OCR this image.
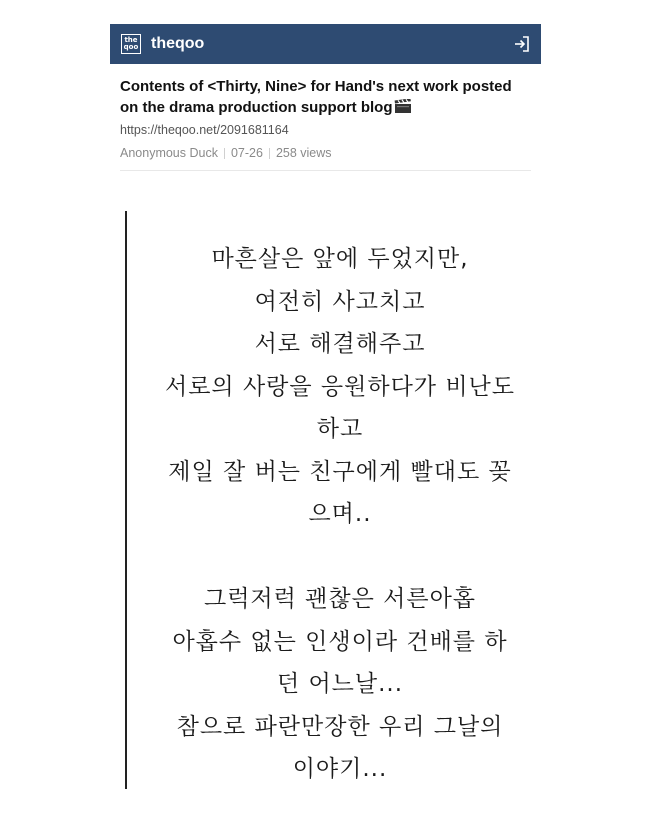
the
qoo theqoo
Contents of <Thirty, Nine> for Hand's next work posted on the drama production support blog
https://theqoo.net/2091681164
Anonymous Duck 07-26 258 views
마흔살은 앞에 두었지만,
여전히 사고치고
서로 해결해주고
서로의 사랑을 응원하다가 비난도
하고
제일 잘 버는 친구에게 빨대도 꽂
으며..
그럭저럭 괜찮은 서른아홉
아홉수 없는 인생이라 건배를 하
던 어느날...
참으로 파란만장한 우리 그날의
이야기...
